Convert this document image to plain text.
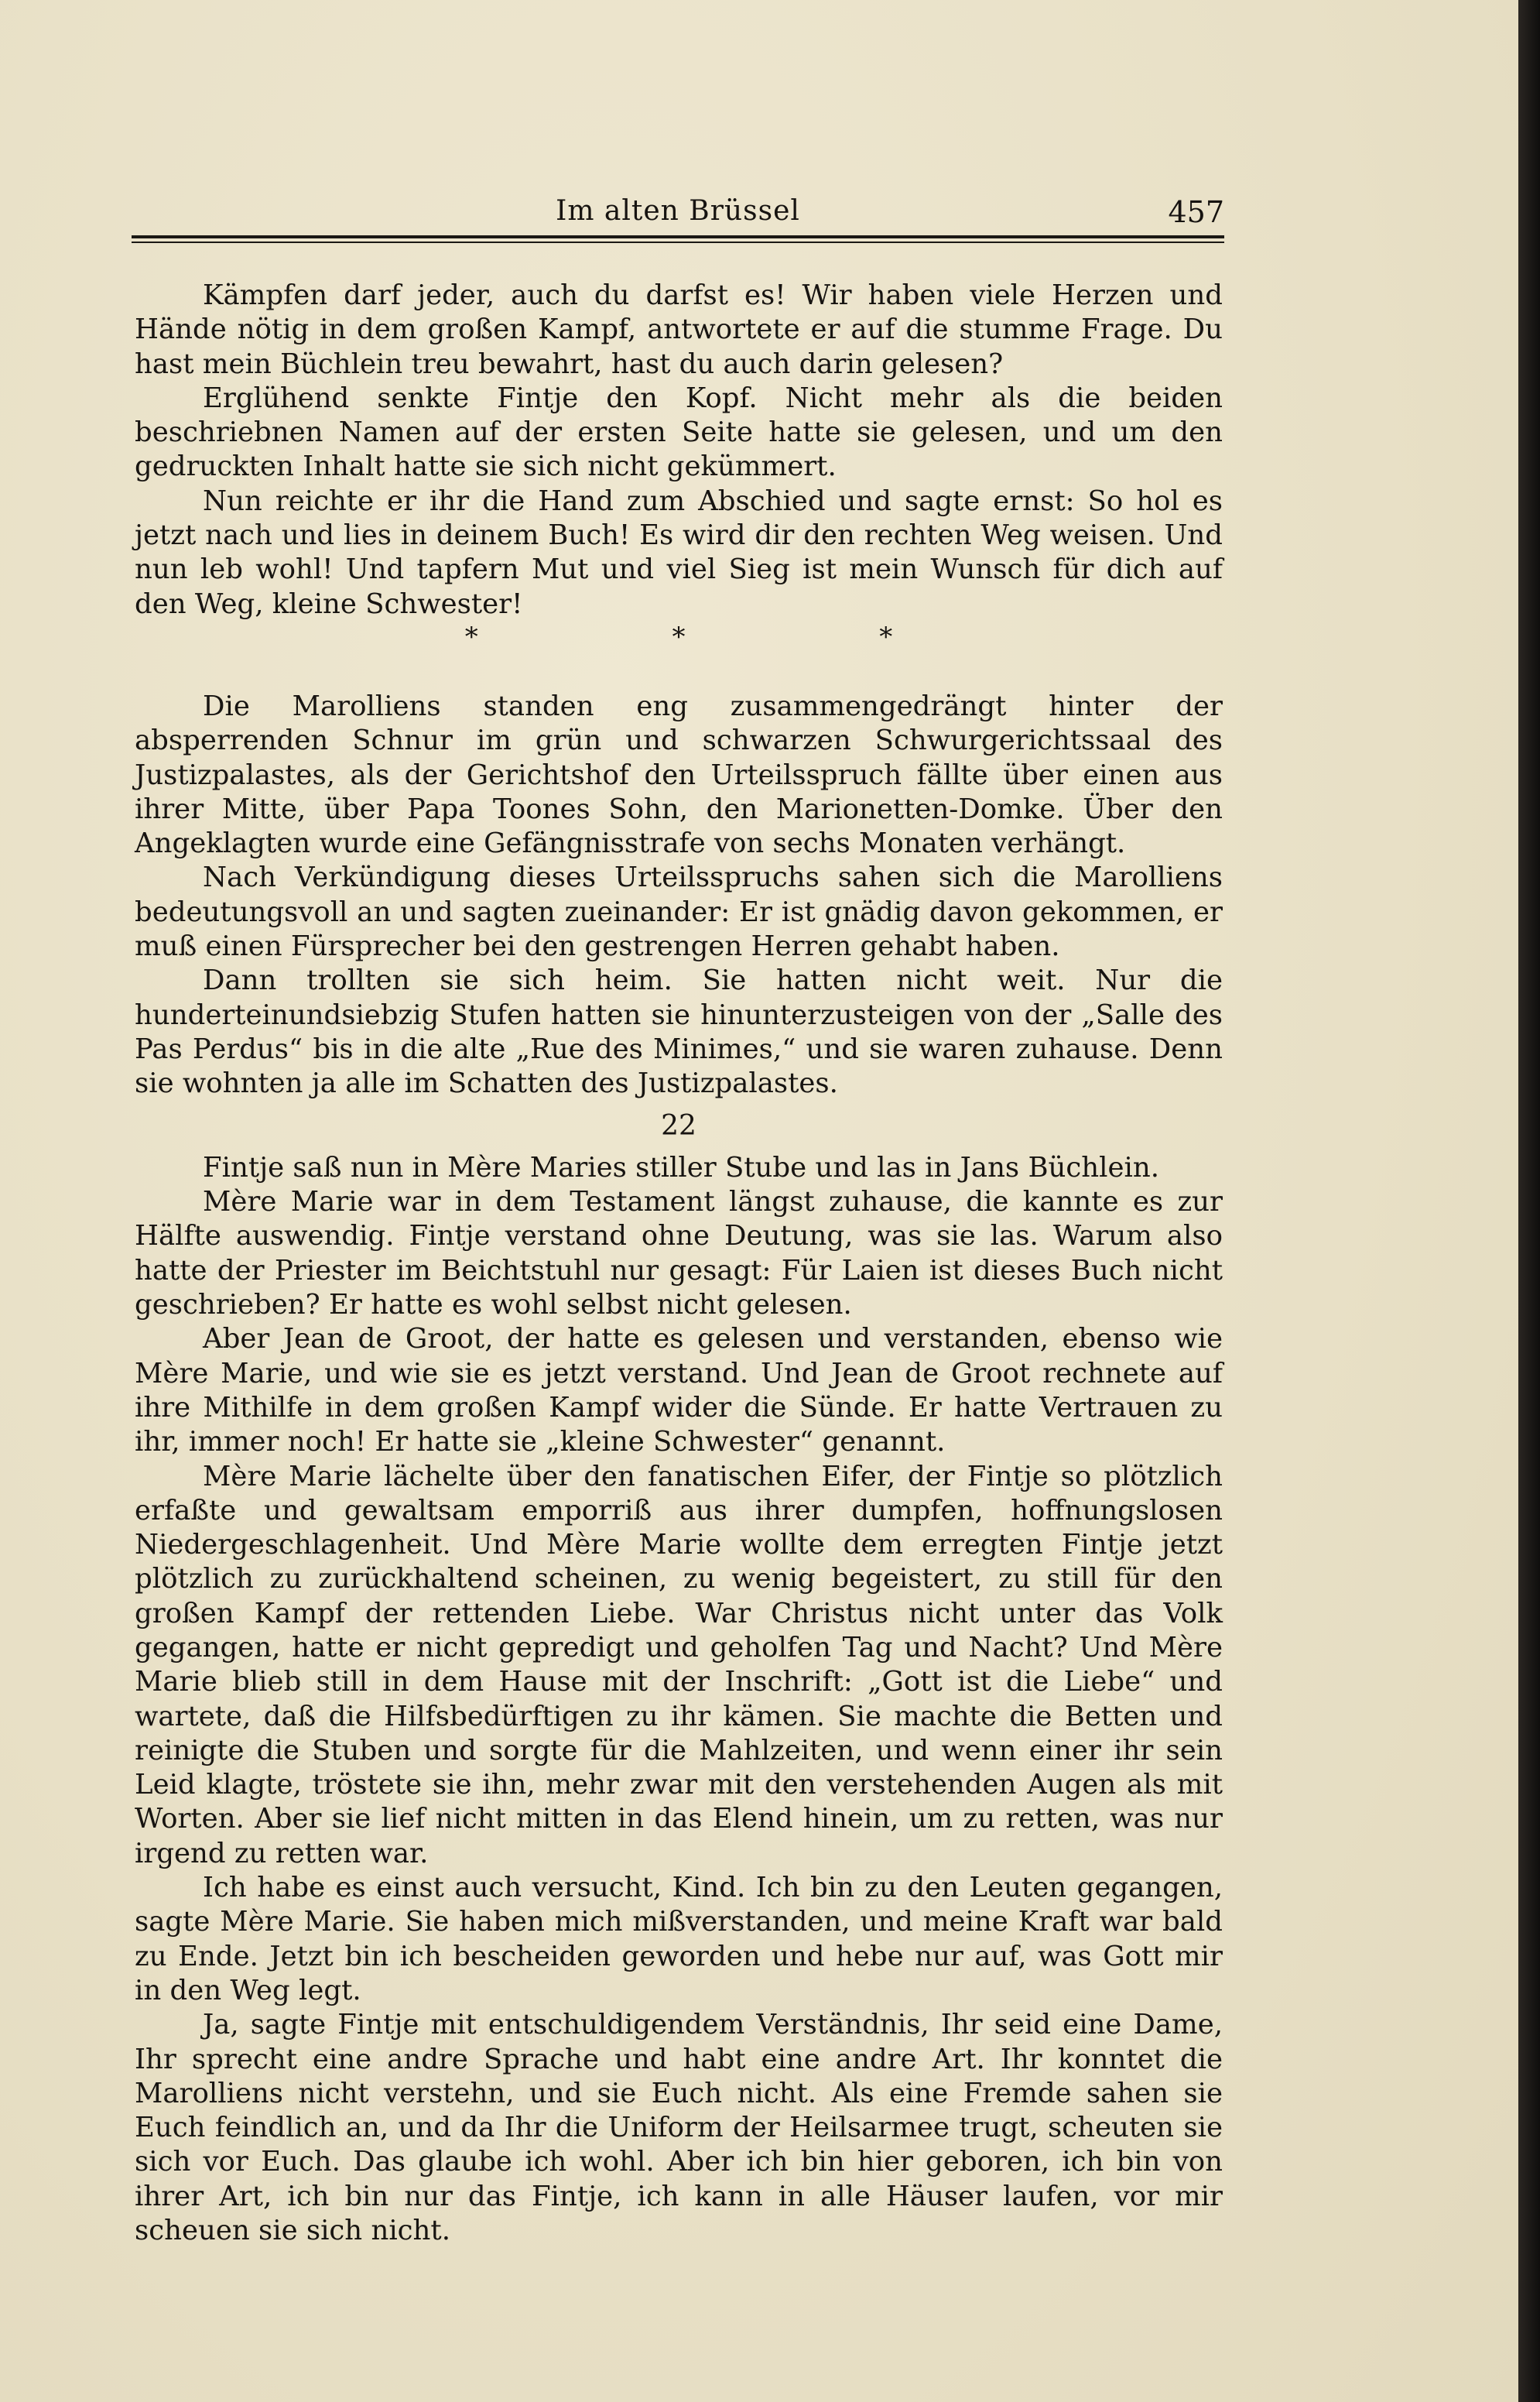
Im alten Brüssel	457

Kämpfen darf jeder, auch du darfst es! Wir haben viele Herzen und Hände nötig in dem großen Kampf, antwortete er auf die stumme Frage. Du hast mein Büchlein treu bewahrt, hast du auch darin gelesen?

Erglühend senkte Fintje den Kopf. Nicht mehr als die beiden beschriebnen Namen auf der ersten Seite hatte sie gelesen, und um den gedruckten Inhalt hatte sie sich nicht gekümmert.

Nun reichte er ihr die Hand zum Abschied und sagte ernst: So hol es jetzt nach und lies in deinem Buch! Es wird dir den rechten Weg weisen. Und nun leb wohl! Und tapfern Mut und viel Sieg ist mein Wunsch für dich auf den Weg, kleine Schwester!

* * *

Die Marolliens standen eng zusammengedrängt hinter der absperrenden Schnur im grün und schwarzen Schwurgerichtssaal des Justizpalastes, als der Gerichtshof den Urteilsspruch fällte über einen aus ihrer Mitte, über Papa Toones Sohn, den Marionetten-Domke. Über den Angeklagten wurde eine Gefängnisstrafe von sechs Monaten verhängt.

Nach Verkündigung dieses Urteilsspruchs sahen sich die Marolliens bedeutungsvoll an und sagten zueinander: Er ist gnädig davon gekommen, er muß einen Fürsprecher bei den gestrengen Herren gehabt haben.

Dann trollten sie sich heim. Sie hatten nicht weit. Nur die hunderteinundsiebzig Stufen hatten sie hinunterzusteigen von der „Salle des Pas Perdus“ bis in die alte „Rue des Minimes,“ und sie waren zuhause. Denn sie wohnten ja alle im Schatten des Justizpalastes.

22

Fintje saß nun in Mère Maries stiller Stube und las in Jans Büchlein.

Mère Marie war in dem Testament längst zuhause, die kannte es zur Hälfte auswendig. Fintje verstand ohne Deutung, was sie las. Warum also hatte der Priester im Beichtstuhl nur gesagt: Für Laien ist dieses Buch nicht geschrieben? Er hatte es wohl selbst nicht gelesen.

Aber Jean de Groot, der hatte es gelesen und verstanden, ebenso wie Mère Marie, und wie sie es jetzt verstand. Und Jean de Groot rechnete auf ihre Mithilfe in dem großen Kampf wider die Sünde. Er hatte Vertrauen zu ihr, immer noch! Er hatte sie „kleine Schwester“ genannt.

Mère Marie lächelte über den fanatischen Eifer, der Fintje so plötzlich erfaßte und gewaltsam emporriß aus ihrer dumpfen, hoffnungslosen Niedergeschlagenheit. Und Mère Marie wollte dem erregten Fintje jetzt plötzlich zu zurückhaltend scheinen, zu wenig begeistert, zu still für den großen Kampf der rettenden Liebe. War Christus nicht unter das Volk gegangen, hatte er nicht gepredigt und geholfen Tag und Nacht? Und Mère Marie blieb still in dem Hause mit der Inschrift: „Gott ist die Liebe“ und wartete, daß die Hilfsbedürftigen zu ihr kämen. Sie machte die Betten und reinigte die Stuben und sorgte für die Mahlzeiten, und wenn einer ihr sein Leid klagte, tröstete sie ihn, mehr zwar mit den verstehenden Augen als mit Worten. Aber sie lief nicht mitten in das Elend hinein, um zu retten, was nur irgend zu retten war.

Ich habe es einst auch versucht, Kind. Ich bin zu den Leuten gegangen, sagte Mère Marie. Sie haben mich mißverstanden, und meine Kraft war bald zu Ende. Jetzt bin ich bescheiden geworden und hebe nur auf, was Gott mir in den Weg legt.

Ja, sagte Fintje mit entschuldigendem Verständnis, Ihr seid eine Dame, Ihr sprecht eine andre Sprache und habt eine andre Art. Ihr konntet die Marolliens nicht verstehn, und sie Euch nicht. Als eine Fremde sahen sie Euch feindlich an, und da Ihr die Uniform der Heilsarmee trugt, scheuten sie sich vor Euch. Das glaube ich wohl. Aber ich bin hier geboren, ich bin von ihrer Art, ich bin nur das Fintje, ich kann in alle Häuser laufen, vor mir scheuen sie sich nicht.
